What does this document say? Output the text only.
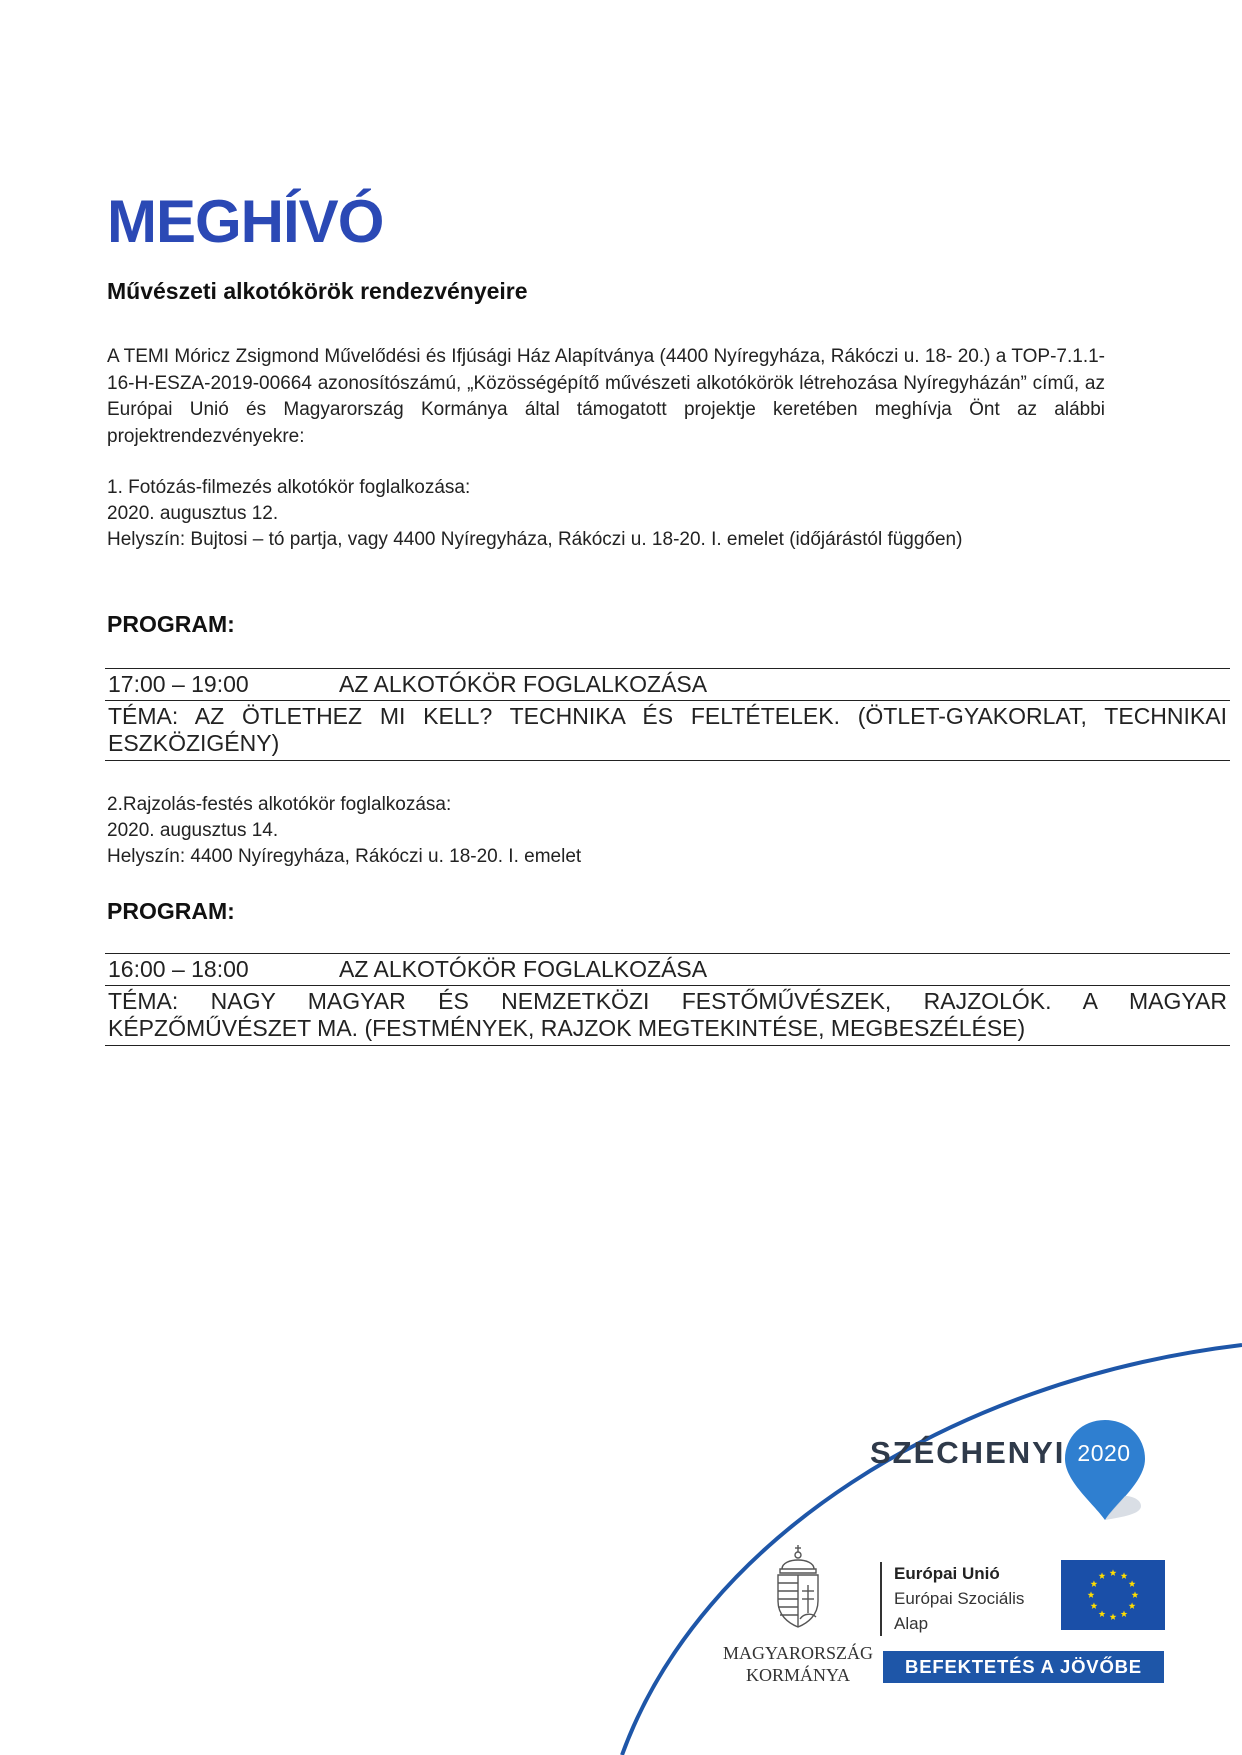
MEGHÍVÓ
Művészeti alkotókörök rendezvényeire

A TEMI Móricz Zsigmond Művelődési és Ifjúsági Ház Alapítványa (4400 Nyíregyháza, Rákóczi u. 18- 20.) a TOP-7.1.1-16-H-ESZA-2019-00664 azonosítószámú, „Közösségépítő művészeti alkotókörök létrehozása Nyíregyházán” című, az Európai Unió és Magyarország Kormánya által támogatott projektje keretében meghívja Önt az alábbi projektrendezvényekre:

1. Fotózás-filmezés alkotókör foglalkozása:
2020. augusztus 12.
Helyszín: Bujtosi – tó partja, vagy 4400 Nyíregyháza, Rákóczi u. 18-20. I. emelet (időjárástól függően)
PROGRAM:
17:00 – 19:00	AZ ALKOTÓKÖR FOGLALKOZÁSA
TÉMA: AZ ÖTLETHEZ MI KELL? TECHNIKA ÉS FELTÉTELEK. (ÖTLET-GYAKORLAT, TECHNIKAI ESZKÖZIGÉNY)
2.Rajzolás-festés alkotókör foglalkozása:
2020. augusztus 14.
Helyszín: 4400 Nyíregyháza, Rákóczi u. 18-20. I. emelet
PROGRAM:
16:00 – 18:00	AZ ALKOTÓKÖR FOGLALKOZÁSA
TÉMA: NAGY MAGYAR ÉS NEMZETKÖZI FESTŐMŰVÉSZEK, RAJZOLÓK. A MAGYAR KÉPZŐMŰVÉSZET MA. (FESTMÉNYEK, RAJZOK MEGTEKINTÉSE, MEGBESZÉLÉSE)
SZÉCHENYI 2020
MAGYARORSZÁG
KORMÁNYA
Európai Unió
Európai Szociális
Alap
BEFEKTETÉS A JÖVŐBE
